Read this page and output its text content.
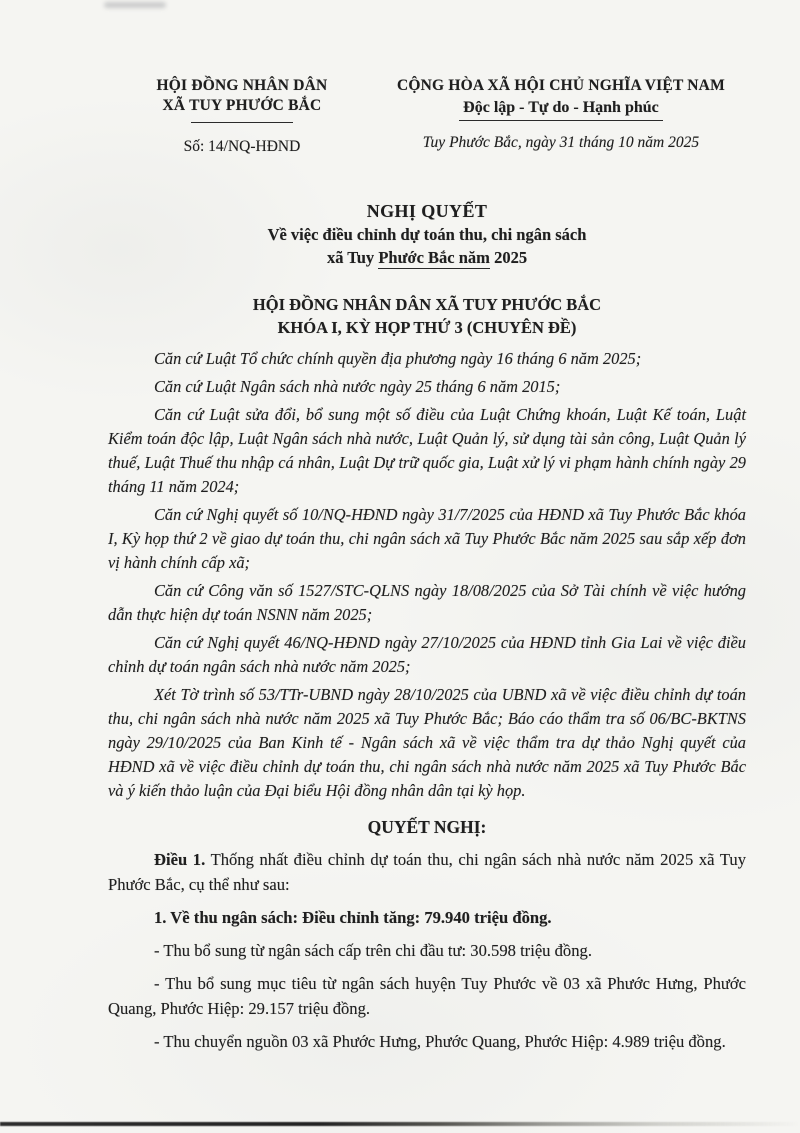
HỘI ĐỒNG NHÂN DÂN
XÃ TUY PHƯỚC BẮC
Số: 14/NQ-HĐND
CỘNG HÒA XÃ HỘI CHỦ NGHĨA VIỆT NAM
Độc lập - Tự do - Hạnh phúc
Tuy Phước Bắc, ngày 31 tháng 10 năm 2025
NGHỊ QUYẾT
Về việc điều chỉnh dự toán thu, chi ngân sách
xã Tuy Phước Bắc năm 2025
HỘI ĐỒNG NHÂN DÂN XÃ TUY PHƯỚC BẮC
KHÓA I, KỲ HỌP THỨ 3 (CHUYÊN ĐỀ)

Căn cứ Luật Tổ chức chính quyền địa phương ngày 16 tháng 6 năm 2025;

Căn cứ Luật Ngân sách nhà nước ngày 25 tháng 6 năm 2015;

Căn cứ Luật sửa đổi, bổ sung một số điều của Luật Chứng khoán, Luật Kế toán, Luật Kiểm toán độc lập, Luật Ngân sách nhà nước, Luật Quản lý, sử dụng tài sản công, Luật Quản lý thuế, Luật Thuế thu nhập cá nhân, Luật Dự trữ quốc gia, Luật xử lý vi phạm hành chính ngày 29 tháng 11 năm 2024;

Căn cứ Nghị quyết số 10/NQ-HĐND ngày 31/7/2025 của HĐND xã Tuy Phước Bắc khóa I, Kỳ họp thứ 2 về giao dự toán thu, chi ngân sách xã Tuy Phước Bắc năm 2025 sau sắp xếp đơn vị hành chính cấp xã;

Căn cứ Công văn số 1527/STC-QLNS ngày 18/08/2025 của Sở Tài chính về việc hướng dẫn thực hiện dự toán NSNN năm 2025;

Căn cứ Nghị quyết 46/NQ-HĐND ngày 27/10/2025 của HĐND tỉnh Gia Lai về việc điều chỉnh dự toán ngân sách nhà nước năm 2025;

Xét Tờ trình số 53/TTr-UBND ngày 28/10/2025 của UBND xã về việc điều chỉnh dự toán thu, chi ngân sách nhà nước năm 2025 xã Tuy Phước Bắc; Báo cáo thẩm tra số 06/BC-BKTNS ngày 29/10/2025 của Ban Kinh tế - Ngân sách xã về việc thẩm tra dự thảo Nghị quyết của HĐND xã về việc điều chỉnh dự toán thu, chi ngân sách nhà nước năm 2025 xã Tuy Phước Bắc và ý kiến thảo luận của Đại biểu Hội đồng nhân dân tại kỳ họp.

QUYẾT NGHỊ:

Điều 1. Thống nhất điều chỉnh dự toán thu, chi ngân sách nhà nước năm 2025 xã Tuy Phước Bắc, cụ thể như sau:

1. Về thu ngân sách: Điều chỉnh tăng: 79.940 triệu đồng.

- Thu bổ sung từ ngân sách cấp trên chi đầu tư: 30.598 triệu đồng.

- Thu bổ sung mục tiêu từ ngân sách huyện Tuy Phước về 03 xã Phước Hưng, Phước Quang, Phước Hiệp: 29.157 triệu đồng.

- Thu chuyển nguồn 03 xã Phước Hưng, Phước Quang, Phước Hiệp: 4.989 triệu đồng.
